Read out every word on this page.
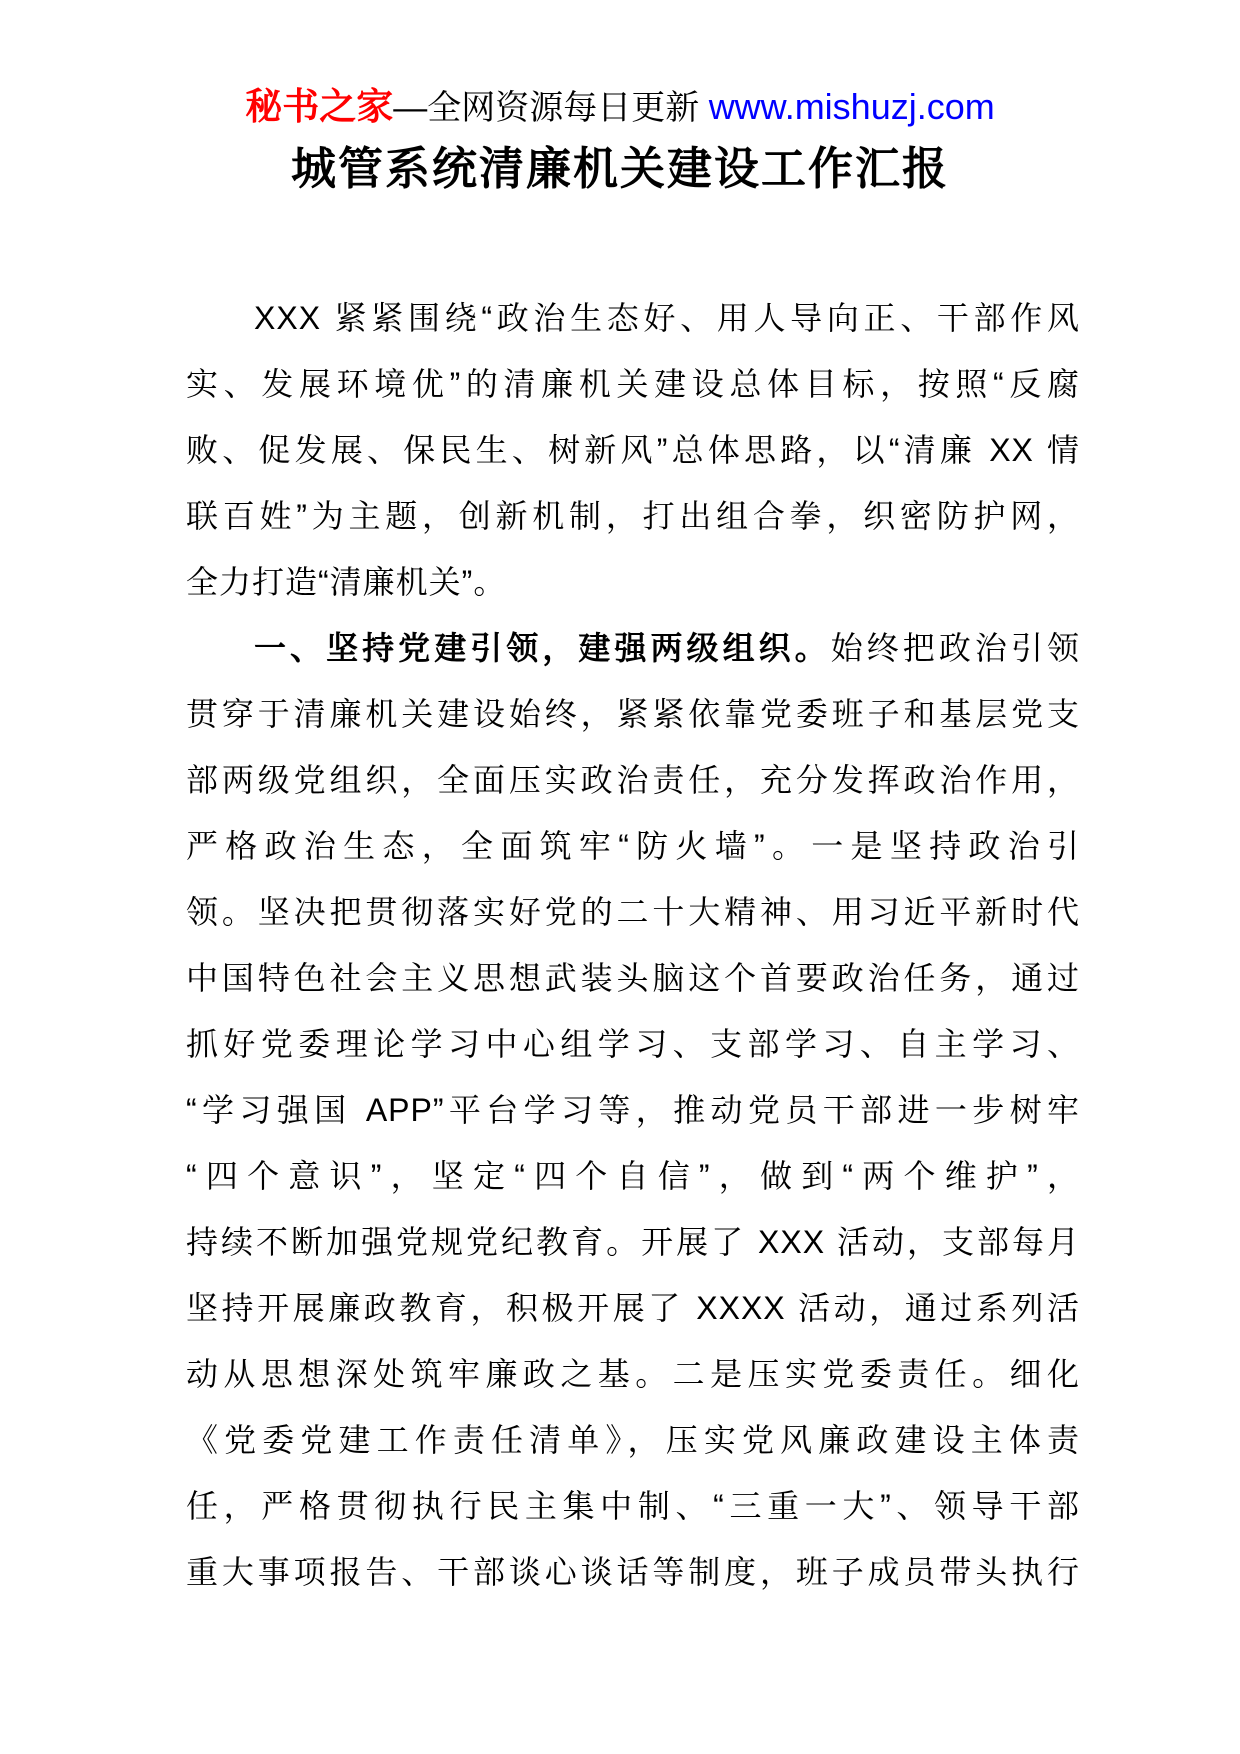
秘书之家—全网资源每日更新 www.mishuzj.com
城管系统清廉机关建设工作汇报
XXX 紧紧围绕“政治生态好、用人导向正、干部作风
实、发展环境优”的清廉机关建设总体目标，按照“反腐
败、促发展、保民生、树新风”总体思路，以“清廉 XX 情
联百姓”为主题，创新机制，打出组合拳，织密防护网，
全力打造“清廉机关”。
一、坚持党建引领，建强两级组织。始终把政治引领
贯穿于清廉机关建设始终，紧紧依靠党委班子和基层党支
部两级党组织，全面压实政治责任，充分发挥政治作用，
严格政治生态，全面筑牢“防火墙”。一是坚持政治引
领。坚决把贯彻落实好党的二十大精神、用习近平新时代
中国特色社会主义思想武装头脑这个首要政治任务，通过
抓好党委理论学习中心组学习、支部学习、自主学习、
“学习强国 APP”平台学习等，推动党员干部进一步树牢
“四个意识”，坚定“四个自信”，做到“两个维护”，
持续不断加强党规党纪教育。开展了 XXX 活动，支部每月
坚持开展廉政教育，积极开展了 XXXX 活动，通过系列活
动从思想深处筑牢廉政之基。二是压实党委责任。细化
《党委党建工作责任清单》，压实党风廉政建设主体责
任，严格贯彻执行民主集中制、“三重一大”、领导干部
重大事项报告、干部谈心谈话等制度，班子成员带头执行
